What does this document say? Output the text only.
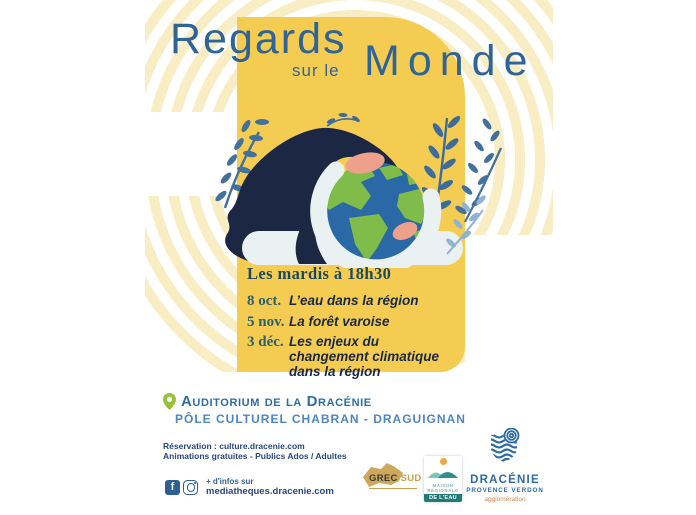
Regards
sur le Monde
Les mardis à 18h30
8 oct. L’eau dans la région
5 nov. La forêt varoise
3 déc. Les enjeux du changement climatique dans la région
Auditorium de la Dracénie
PÔLE CULTUREL CHABRAN - DRAGUIGNAN
Réservation : culture.dracenie.com
Animations gratuites - Publics Ados / Adultes
f	+ d'infos sur
mediatheques.dracenie.com
GREC SUD
MAISON
RÉGIONALE
DE L'EAU
DRACÉNIE
PROVENCE VERDON
agglomération
